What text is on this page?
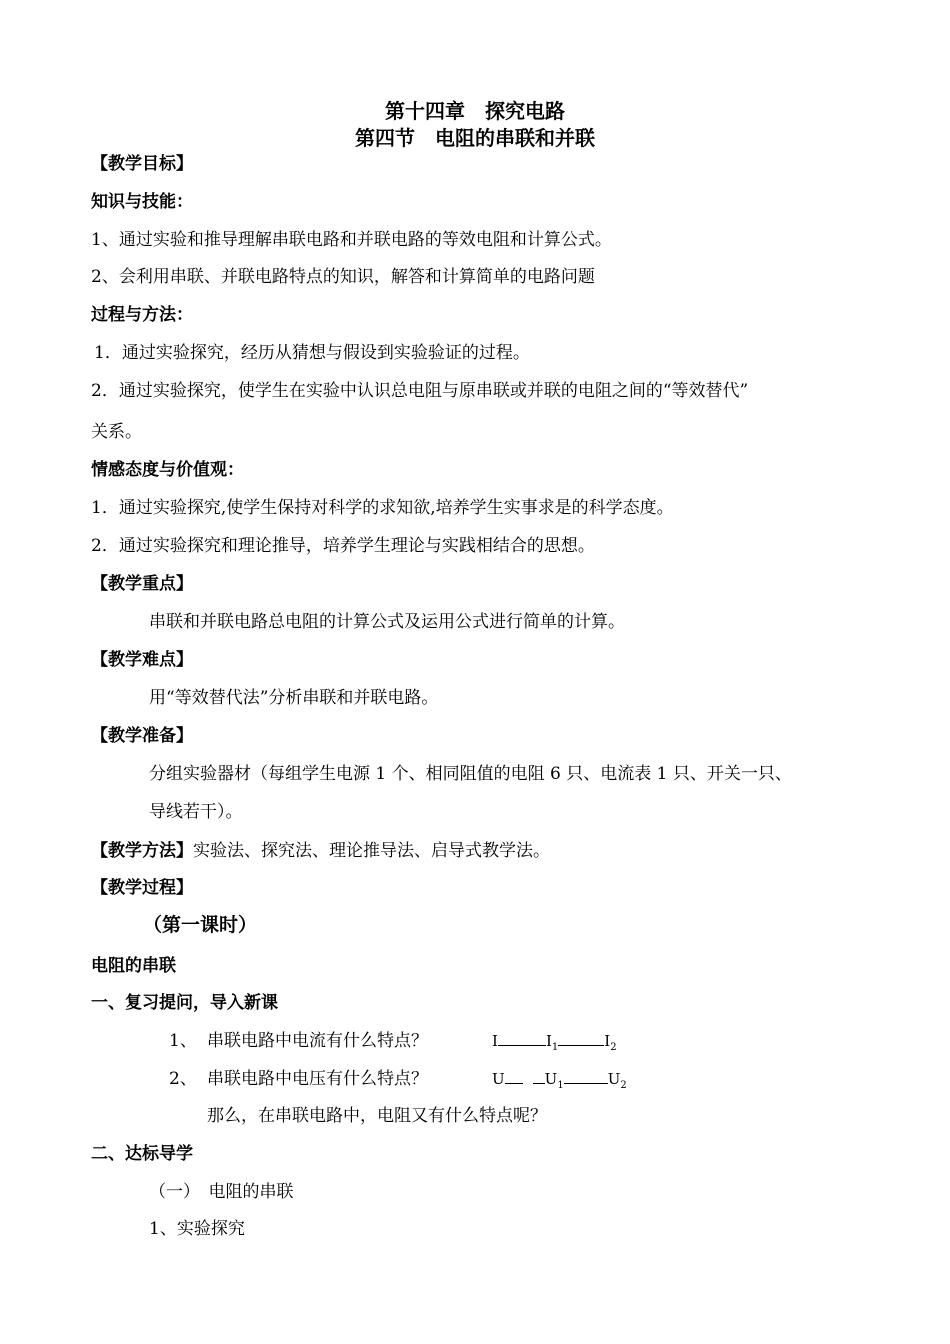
第十四章　探究电路
第四节　电阻的串联和并联
【教学目标】
知识与技能：
1、通过实验和推导理解串联电路和并联电路的等效电阻和计算公式。
2、会利用串联、并联电路特点的知识，解答和计算简单的电路问题
过程与方法：
1．通过实验探究，经历从猜想与假设到实验验证的过程。
2．通过实验探究，使学生在实验中认识总电阻与原串联或并联的电阻之间的“等效替代”
关系。
情感态度与价值观：
1．通过实验探究,使学生保持对科学的求知欲,培养学生实事求是的科学态度。
2．通过实验探究和理论推导，培养学生理论与实践相结合的思想。
【教学重点】
串联和并联电路总电阻的计算公式及运用公式进行简单的计算。
【教学难点】
用“等效替代法”分析串联和并联电路。
【教学准备】
分组实验器材（每组学生电源 1 个、相同阻值的电阻 6 只、电流表 1 只、开关一只、
导线若干）。
【教学方法】实验法、探究法、理论推导法、启导式教学法。
【教学过程】
（第一课时）
电阻的串联
一、复习提问，导入新课
1、 串联电路中电流有什么特点？	I	$I_1$	$I_2$
2、 串联电路中电压有什么特点？	U	$U_1$	$U_2$
那么，在串联电路中，电阻又有什么特点呢？
二、达标导学
（一）　电阻的串联
1、实验探究
